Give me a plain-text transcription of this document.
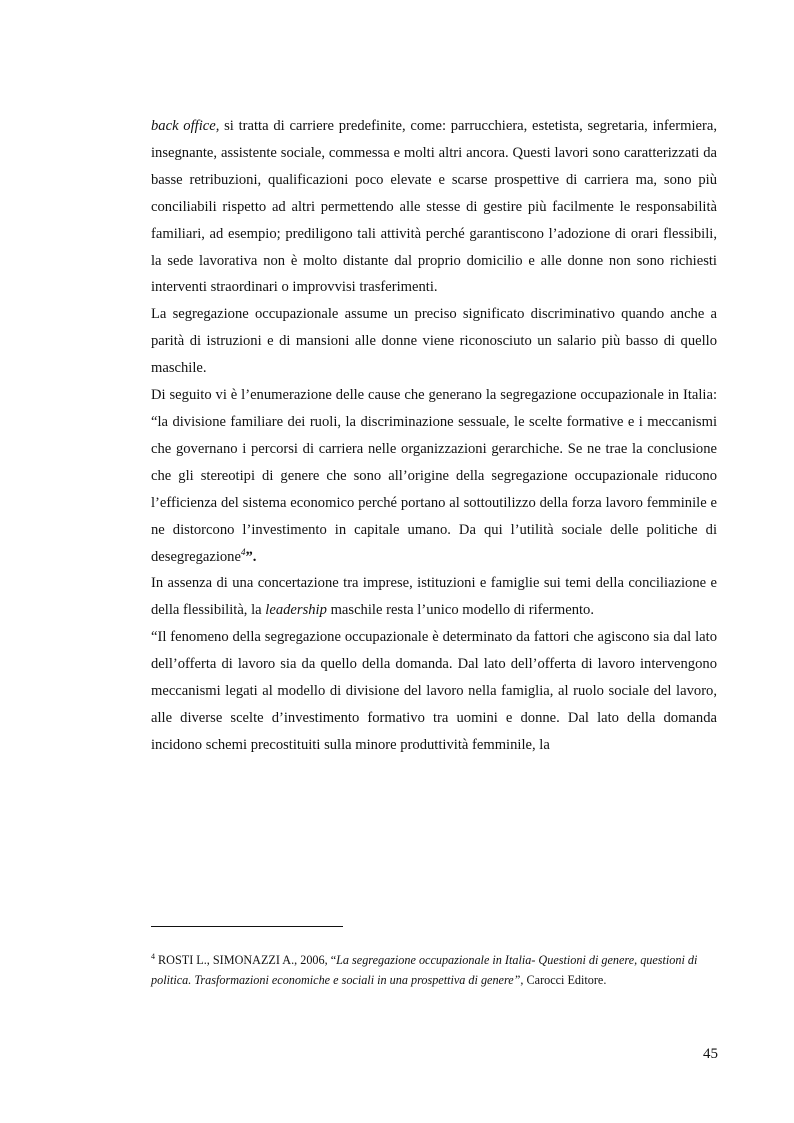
back office, si tratta di carriere predefinite, come: parrucchiera, estetista, segretaria, infermiera, insegnante, assistente sociale, commessa e molti altri ancora. Questi lavori sono caratterizzati da basse retribuzioni, qualificazioni poco elevate e scarse prospettive di carriera ma, sono più conciliabili rispetto ad altri permettendo alle stesse di gestire più facilmente le responsabilità familiari, ad esempio; prediligono tali attività perché garantiscono l’adozione di orari flessibili, la sede lavorativa non è molto distante dal proprio domicilio e alle donne non sono richiesti interventi straordinari o improvvisi trasferimenti.

La segregazione occupazionale assume un preciso significato discriminativo quando anche a parità di istruzioni e di mansioni alle donne viene riconosciuto un salario più basso di quello maschile.

Di seguito vi è l’enumerazione delle cause che generano la segregazione occupazionale in Italia: “la divisione familiare dei ruoli, la discriminazione sessuale, le scelte formative e i meccanismi che governano i percorsi di carriera nelle organizzazioni gerarchiche. Se ne trae la conclusione che gli stereotipi di genere che sono all’origine della segregazione occupazionale riducono l’efficienza del sistema economico perché portano al sottoutilizzo della forza lavoro femminile e ne distorcono l’investimento in capitale umano. Da qui l’utilità sociale delle politiche di desegregazione$^4$”.

In assenza di una concertazione tra imprese, istituzioni e famiglie sui temi della conciliazione e della flessibilità, la leadership maschile resta l’unico modello di rifermento.

“Il fenomeno della segregazione occupazionale è determinato da fattori che agiscono sia dal lato dell’offerta di lavoro sia da quello della domanda. Dal lato dell’offerta di lavoro intervengono meccanismi legati al modello di divisione del lavoro nella famiglia, al ruolo sociale del lavoro, alle diverse scelte d’investimento formativo tra uomini e donne. Dal lato della domanda incidono schemi precostituiti sulla minore produttività femminile, la

$^4$ ROSTI L., SIMONAZZI A., 2006, “La segregazione occupazionale in Italia- Questioni di genere, questioni di politica. Trasformazioni economiche e sociali in una prospettiva di genere”, Carocci Editore.
45
